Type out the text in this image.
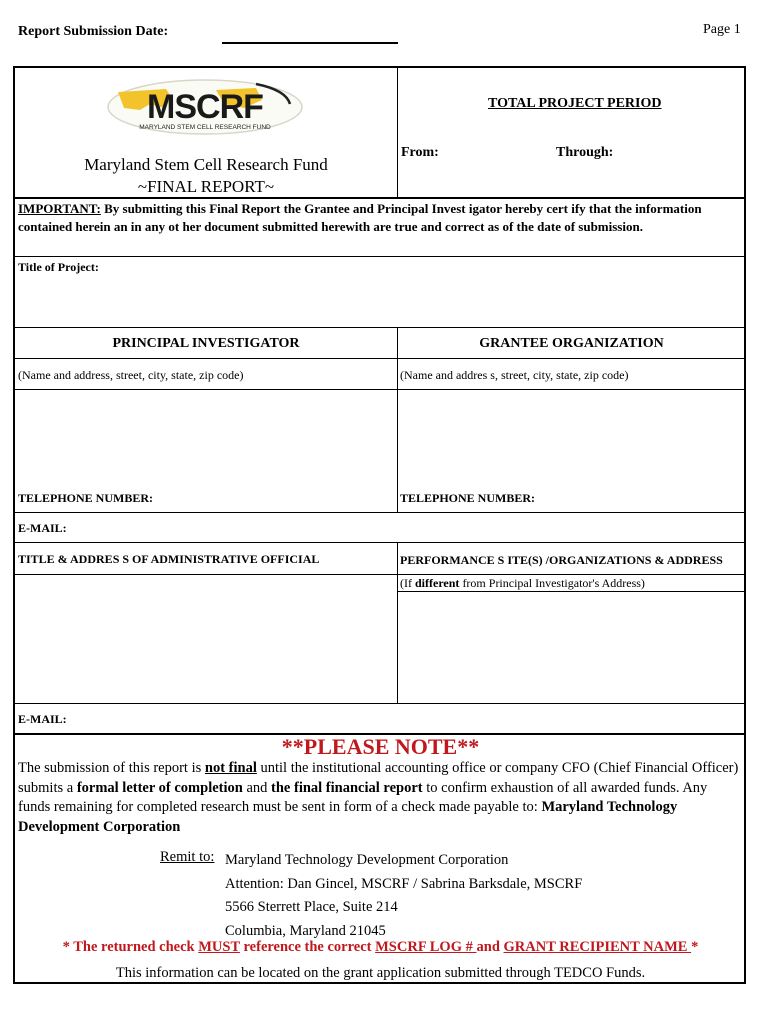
Report Submission Date:	Page 1
MSCRF
MARYLAND STEM CELL RESEARCH FUND
Maryland Stem Cell Research Fund
~FINAL REPORT~
TOTAL PROJECT PERIOD
From:	Through:
IMPORTANT: By submitting this Final Report the Grantee and Principal Invest igator hereby cert ify that the information contained herein an in any ot her document submitted herewith are true and correct as of the date of submission.
Title of Project:
PRINCIPAL INVESTIGATOR	GRANTEE ORGANIZATION
(Name and address, street, city, state, zip code)	(Name and addres s, street, city, state, zip code)
TELEPHONE NUMBER:	TELEPHONE NUMBER:
E-MAIL:
TITLE & ADDRES S OF ADMINISTRATIVE OFFICIAL	PERFORMANCE S ITE(S) /ORGANIZATIONS & ADDRESS
(If different from Principal Investigator's Address)
E-MAIL:
**PLEASE NOTE**
The submission of this report is not final until the institutional accounting office or company CFO (Chief Financial Officer) submits a formal letter of completion and the final financial report to confirm exhaustion of all awarded funds. Any funds remaining for completed research must be sent in form of a check made payable to: Maryland Technology Development Corporation
Remit to: Maryland Technology Development Corporation
Attention: Dan Gincel, MSCRF / Sabrina Barksdale, MSCRF
5566 Sterrett Place, Suite 214
Columbia, Maryland 21045
* The returned check MUST reference the correct MSCRF LOG # and GRANT RECIPIENT NAME *
This information can be located on the grant application submitted through TEDCO Funds.
